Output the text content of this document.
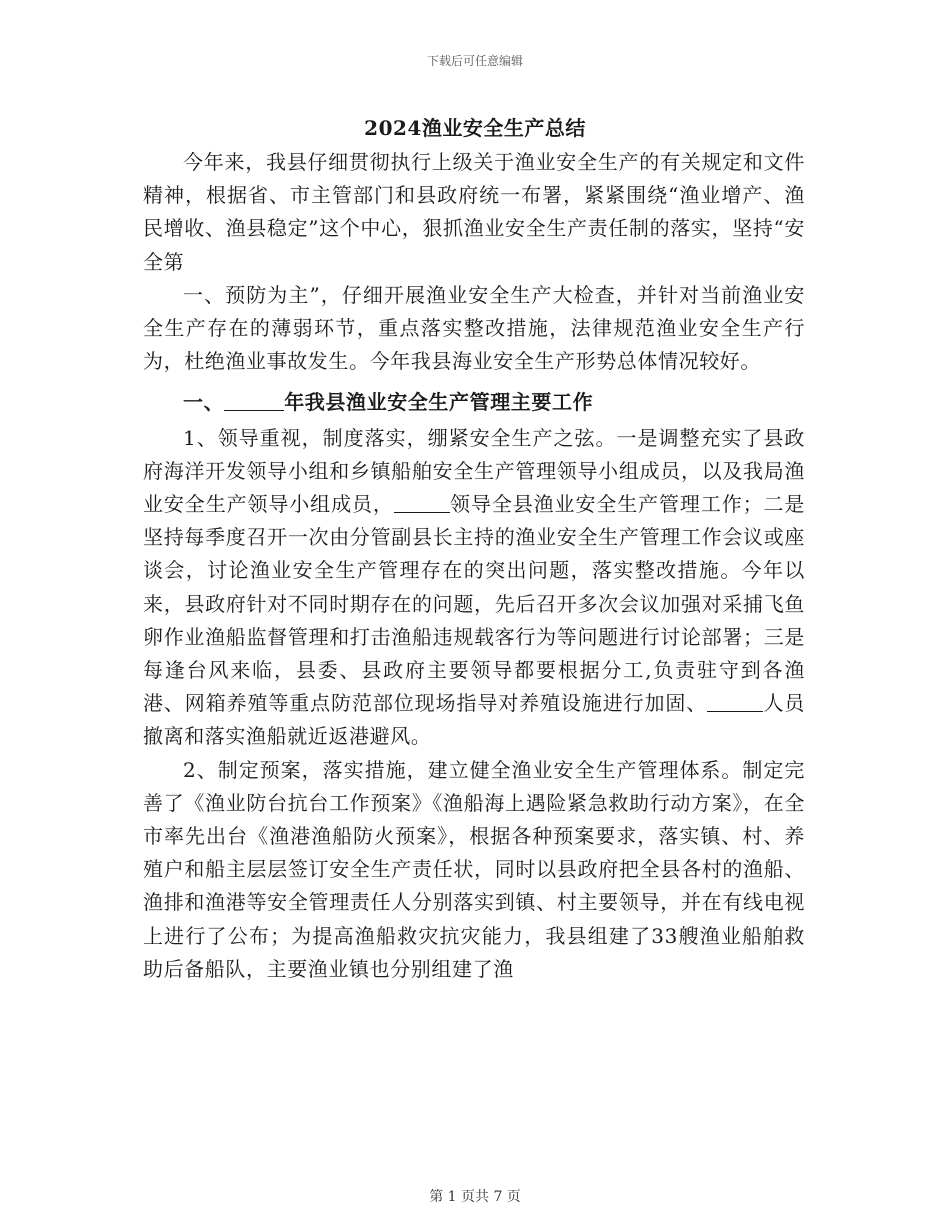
下载后可任意编辑
2024渔业安全生产总结

今年来，我县仔细贯彻执行上级关于渔业安全生产的有关规定和文件精神，根据省、市主管部门和县政府统一布署，紧紧围绕“渔业增产、渔民增收、渔县稳定”这个中心，狠抓渔业安全生产责任制的落实，坚持“安全第

一、预防为主”，仔细开展渔业安全生产大检查，并针对当前渔业安全生产存在的薄弱环节，重点落实整改措施，法律规范渔业安全生产行为，杜绝渔业事故发生。今年我县海业安全生产形势总体情况较好。

一、	年我县渔业安全生产管理主要工作

1、领导重视，制度落实，绷紧安全生产之弦。一是调整充实了县政府海洋开发领导小组和乡镇船舶安全生产管理领导小组成员，以及我局渔业安全生产领导小组成员，	领导全县渔业安全生产管理工作；二是坚持每季度召开一次由分管副县长主持的渔业安全生产管理工作会议或座谈会，讨论渔业安全生产管理存在的突出问题，落实整改措施。今年以来，县政府针对不同时期存在的问题，先后召开多次会议加强对采捕飞鱼卵作业渔船监督管理和打击渔船违规载客行为等问题进行讨论部署；三是每逢台风来临，县委、县政府主要领导都要根据分工,负责驻守到各渔港、网箱养殖等重点防范部位现场指导对养殖设施进行加固、	人员撤离和落实渔船就近返港避风。

2、制定预案，落实措施，建立健全渔业安全生产管理体系。制定完善了《渔业防台抗台工作预案》《渔船海上遇险紧急救助行动方案》，在全市率先出台《渔港渔船防火预案》，根据各种预案要求，落实镇、村、养殖户和船主层层签订安全生产责任状，同时以县政府把全县各村的渔船、渔排和渔港等安全管理责任人分别落实到镇、村主要领导，并在有线电视上进行了公布；为提高渔船救灾抗灾能力，我县组建了33艘渔业船舶救助后备船队，主要渔业镇也分别组建了渔

第 1 页共 7 页
